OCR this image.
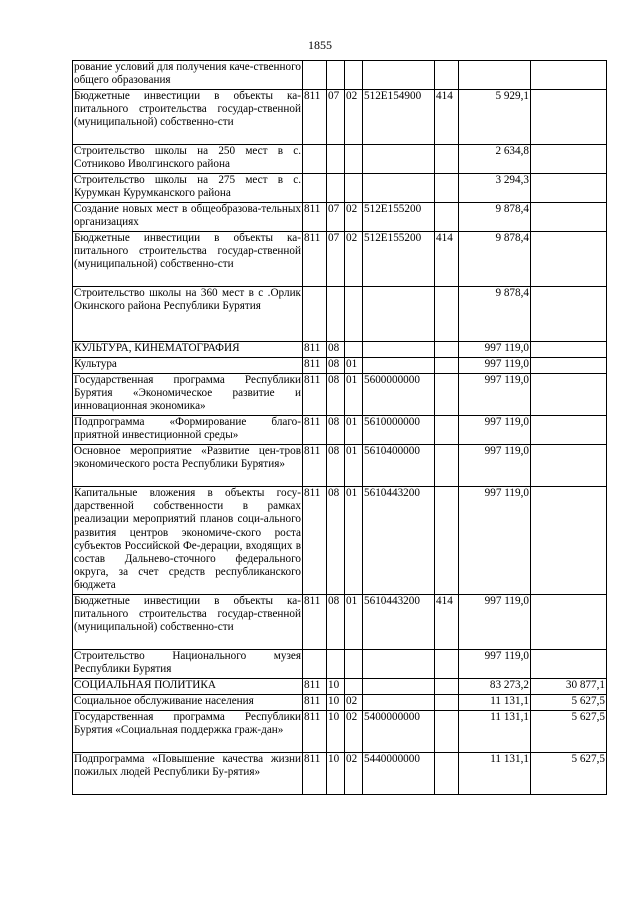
1855
рование условий для получения каче-ственного общего образования							
Бюджетные инвестиции в объекты ка-питального строительства государ-ственной (муниципальной) собственно-сти	811	07	02	512E154900	414	5 929,1	
Строительство школы на 250 мест в с. Сотниково Иволгинского района						2 634,8	
Строительство школы на 275 мест в с. Курумкан Курумканского района						3 294,3	
Создание новых мест в общеобразова-тельных организациях	811	07	02	512E155200		9 878,4	
Бюджетные инвестиции в объекты ка-питального строительства государ-ственной (муниципальной) собственно-сти	811	07	02	512E155200	414	9 878,4	
Строительство школы на 360 мест в с .Орлик Окинского района Республики Бурятия						9 878,4	
КУЛЬТУРА, КИНЕМАТОГРАФИЯ	811	08				997 119,0	
Культура	811	08	01			997 119,0	
Государственная программа Республики Бурятия «Экономическое развитие и инновационная экономика»	811	08	01	5600000000		997 119,0	
Подпрограмма «Формирование благо-приятной инвестиционной среды»	811	08	01	5610000000		997 119,0	
Основное мероприятие «Развитие цен-тров экономического роста Республики Бурятия»	811	08	01	5610400000		997 119,0	
Капитальные вложения в объекты госу-дарственной собственности в рамках реализации мероприятий планов соци-ального развития центров экономиче-ского роста субъектов Российской Фе-дерации, входящих в состав Дальнево-сточного федерального округа, за счет средств республиканского бюджета	811	08	01	5610443200		997 119,0	
Бюджетные инвестиции в объекты ка-питального строительства государ-ственной (муниципальной) собственно-сти	811	08	01	5610443200	414	997 119,0	
Строительство Национального музея Республики Бурятия						997 119,0	
СОЦИАЛЬНАЯ ПОЛИТИКА	811	10				83 273,2	30 877,1
Социальное обслуживание населения	811	10	02			11 131,1	5 627,5
Государственная программа Республики Бурятия «Социальная поддержка граж-дан»	811	10	02	5400000000		11 131,1	5 627,5
Подпрограмма «Повышение качества жизни пожилых людей Республики Бу-рятия»	811	10	02	5440000000		11 131,1	5 627,5
